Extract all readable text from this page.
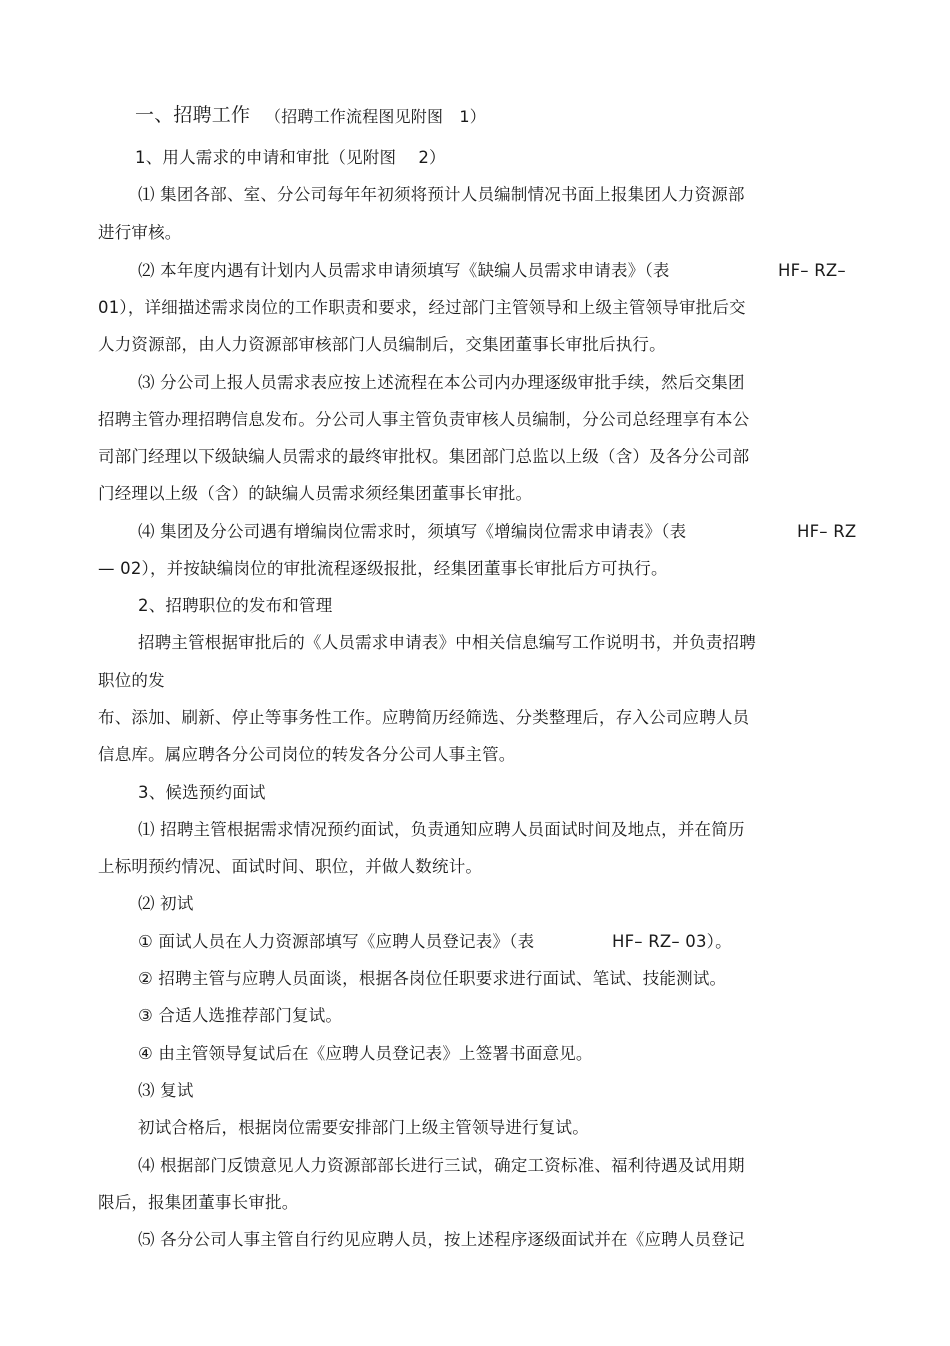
一、招聘工作 （招聘工作流程图见附图　1）
1、用人需求的申请和审批（见附图　 2）
⑴ 集团各部、室、分公司每年年初须将预计人员编制情况书面上报集团人力资源部
进行审核。
⑵ 本年度内遇有计划内人员需求申请须填写《缺编人员需求申请表》（表	HF– RZ–
01），详细描述需求岗位的工作职责和要求，经过部门主管领导和上级主管领导审批后交
人力资源部，由人力资源部审核部门人员编制后，交集团董事长审批后执行。
⑶ 分公司上报人员需求表应按上述流程在本公司内办理逐级审批手续，然后交集团
招聘主管办理招聘信息发布。分公司人事主管负责审核人员编制，分公司总经理享有本公
司部门经理以下级缺编人员需求的最终审批权。集团部门总监以上级（含）及各分公司部
门经理以上级（含）的缺编人员需求须经集团董事长审批。
⑷ 集团及分公司遇有增编岗位需求时，须填写《增编岗位需求申请表》（表	HF– RZ
— 02），并按缺编岗位的审批流程逐级报批，经集团董事长审批后方可执行。
2、招聘职位的发布和管理
招聘主管根据审批后的《人员需求申请表》中相关信息编写工作说明书，并负责招聘
职位的发
布、添加、刷新、停止等事务性工作。应聘简历经筛选、分类整理后，存入公司应聘人员
信息库。属应聘各分公司岗位的转发各分公司人事主管。
3、候选预约面试
⑴ 招聘主管根据需求情况预约面试，负责通知应聘人员面试时间及地点，并在简历
上标明预约情况、面试时间、职位，并做人数统计。
⑵ 初试
① 面试人员在人力资源部填写《应聘人员登记表》（表	HF– RZ– 03）。
② 招聘主管与应聘人员面谈，根据各岗位任职要求进行面试、笔试、技能测试。
③ 合适人选推荐部门复试。
④ 由主管领导复试后在《应聘人员登记表》上签署书面意见。
⑶ 复试
初试合格后，根据岗位需要安排部门上级主管领导进行复试。
⑷ 根据部门反馈意见人力资源部部长进行三试，确定工资标准、福利待遇及试用期
限后，报集团董事长审批。
⑸ 各分公司人事主管自行约见应聘人员，按上述程序逐级面试并在《应聘人员登记
